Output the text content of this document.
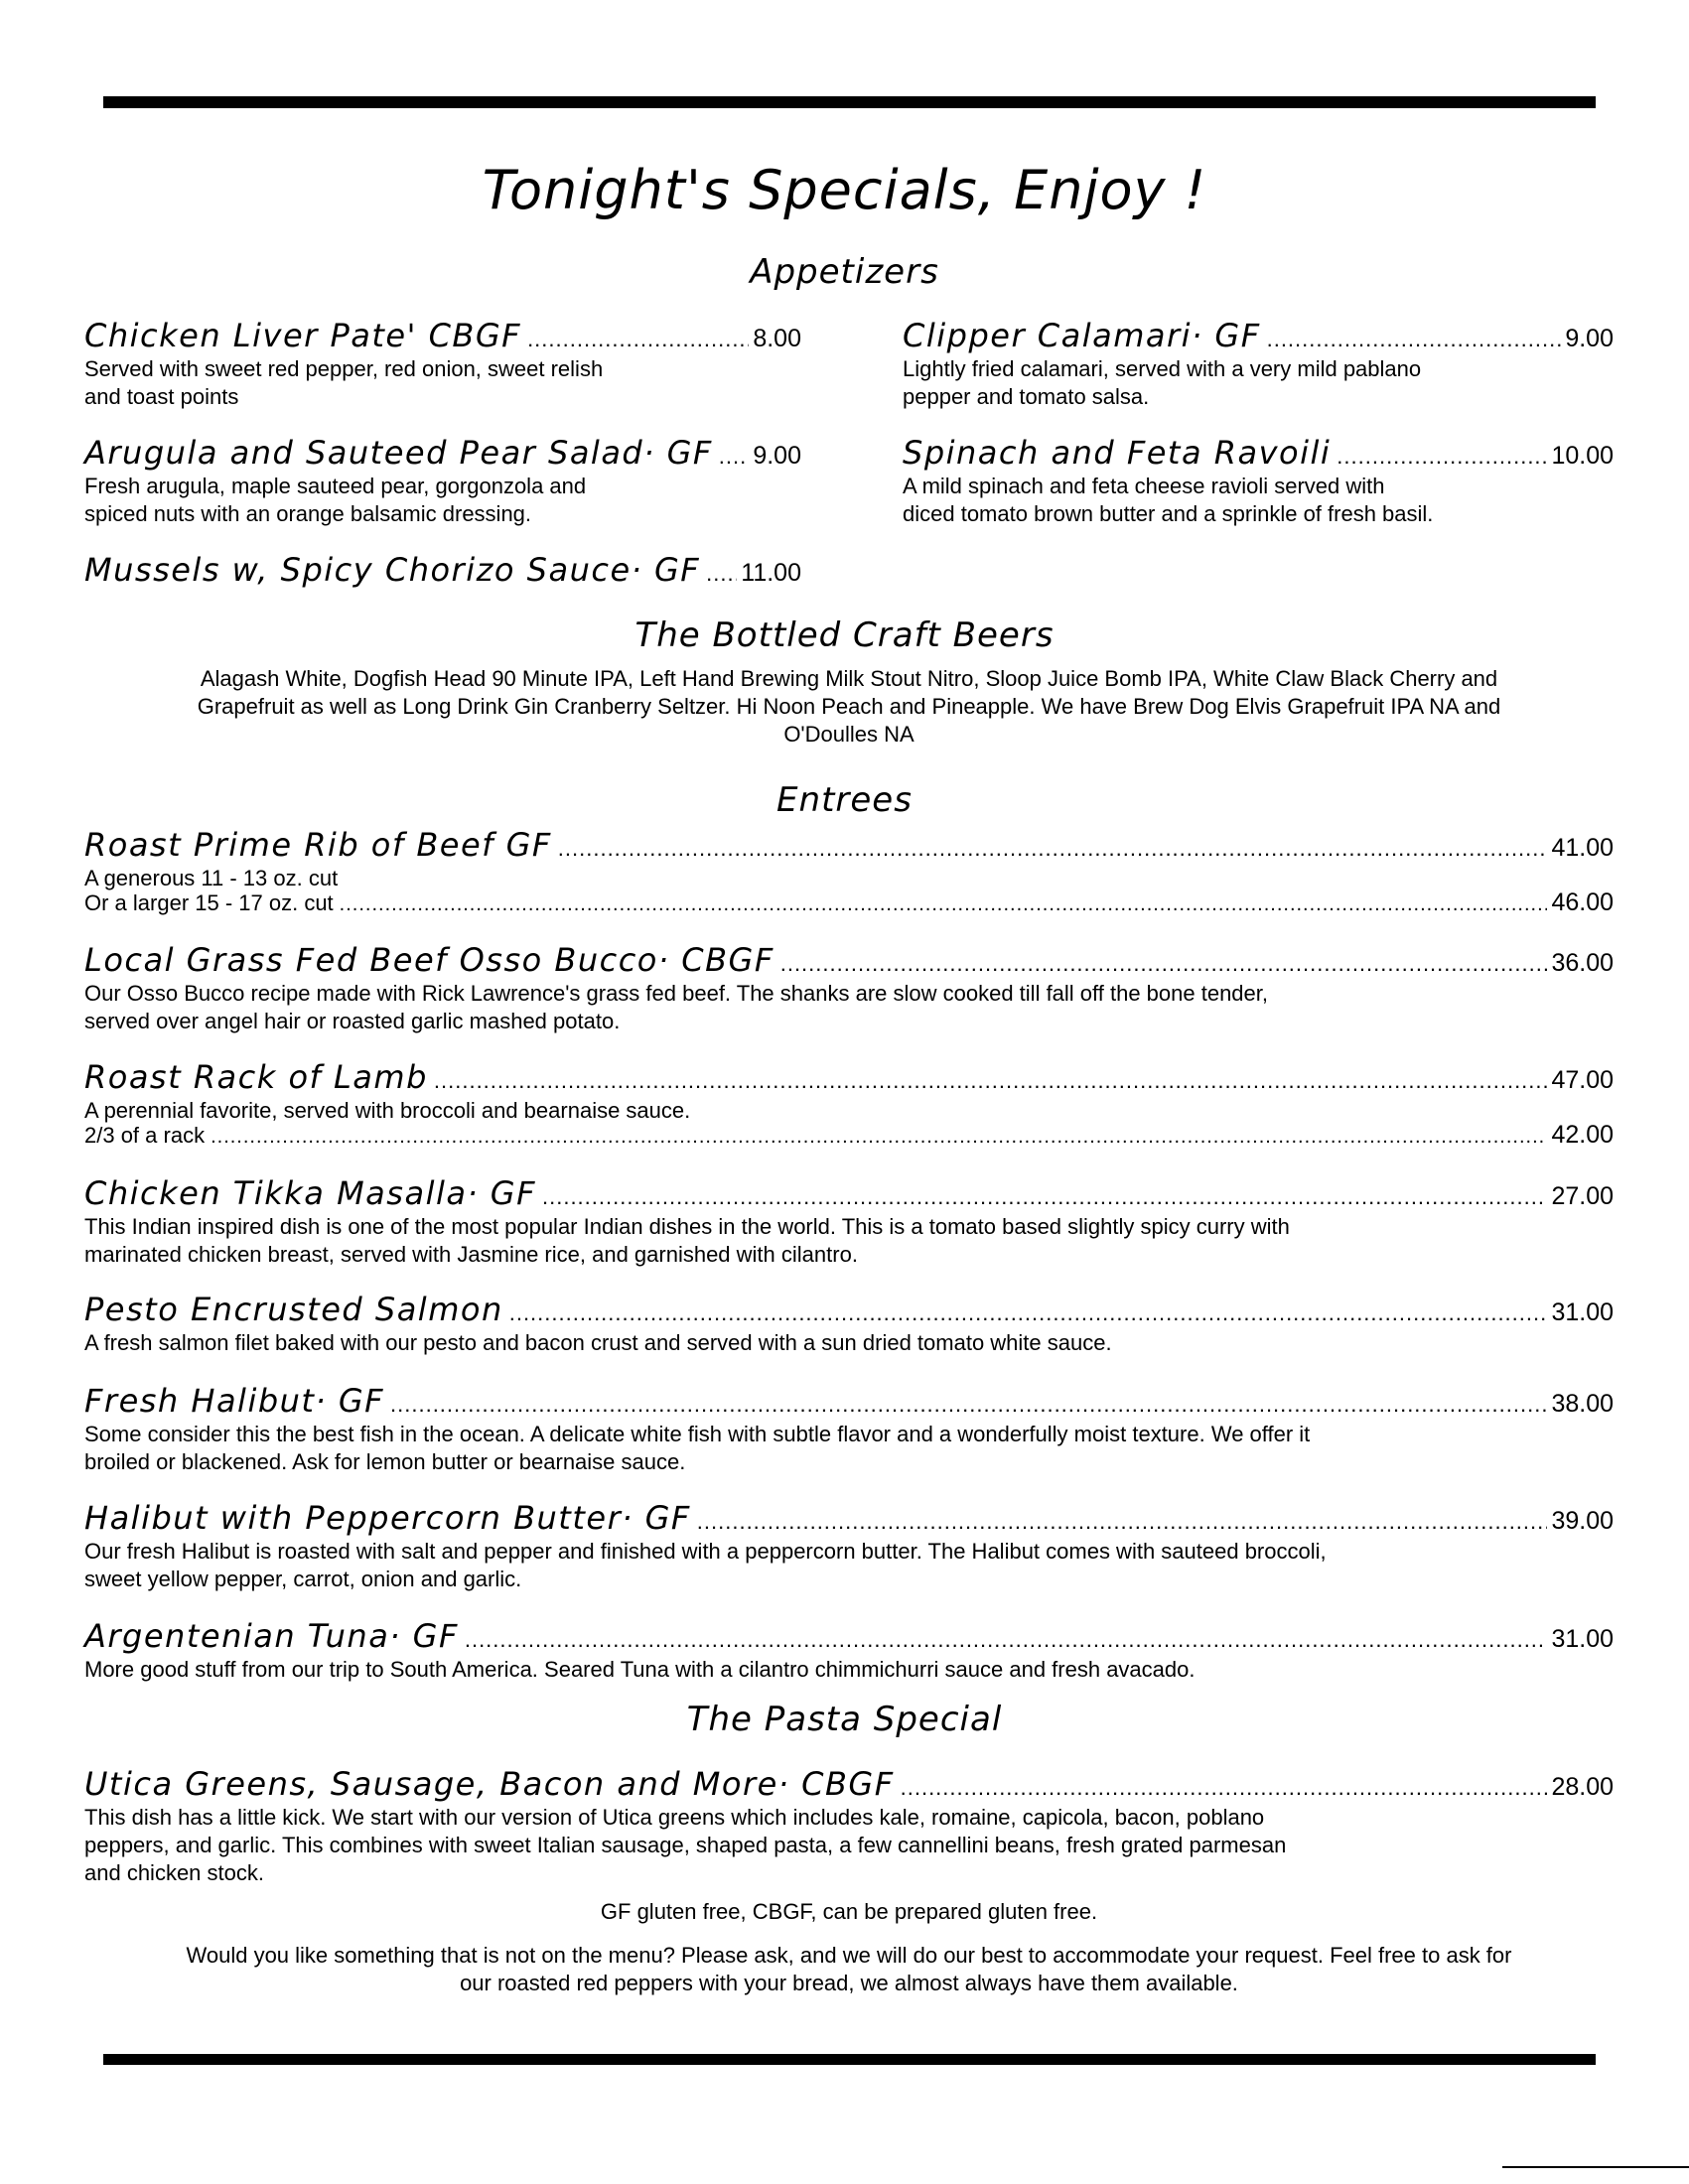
Tonight's Specials, Enjoy !
Appetizers
Chicken Liver Pate' CBGF .....	8.00
Served with sweet red pepper, red onion, sweet relish
and toast points
Arugula and Sauteed Pear Salad· GF ..... 9.00
Fresh arugula, maple sauteed pear, gorgonzola and
spiced nuts with an orange balsamic dressing.
Mussels w, Spicy Chorizo Sauce· GF ..... 11.00
Clipper Calamari· GF .....	9.00
Lightly fried calamari, served with a very mild pablano
pepper and tomato salsa.
Spinach and Feta Ravoili .....	10.00
A mild spinach and feta cheese ravioli served with
diced tomato brown butter and a sprinkle of fresh basil.
The Bottled Craft Beers
Alagash White, Dogfish Head 90 Minute IPA, Left Hand Brewing Milk Stout Nitro, Sloop Juice Bomb IPA, White Claw Black Cherry and
Grapefruit as well as Long Drink Gin Cranberry Seltzer. Hi Noon Peach and Pineapple. We have Brew Dog Elvis Grapefruit IPA NA and
O'Doulles NA
Entrees
Roast Prime Rib of Beef GF .....	41.00
A generous 11 - 13 oz. cut
Or a larger 15 - 17 oz. cut .....	46.00
Local Grass Fed Beef Osso Bucco· CBGF .....	36.00
Our Osso Bucco recipe made with Rick Lawrence's grass fed beef. The shanks are slow cooked till fall off the bone tender,
served over angel hair or roasted garlic mashed potato.
Roast Rack of Lamb .....	47.00
A perennial favorite, served with broccoli and bearnaise sauce.
2/3 of a rack .....	42.00
Chicken Tikka Masalla· GF .....	27.00
This Indian inspired dish is one of the most popular Indian dishes in the world. This is a tomato based slightly spicy curry with
marinated chicken breast, served with Jasmine rice, and garnished with cilantro.
Pesto Encrusted Salmon .....	31.00
A fresh salmon filet baked with our pesto and bacon crust and served with a sun dried tomato white sauce.
Fresh Halibut· GF .....	38.00
Some consider this the best fish in the ocean. A delicate white fish with subtle flavor and a wonderfully moist texture. We offer it
broiled or blackened. Ask for lemon butter or bearnaise sauce.
Halibut with Peppercorn Butter· GF .....	39.00
Our fresh Halibut is roasted with salt and pepper and finished with a peppercorn butter. The Halibut comes with sauteed broccoli,
sweet yellow pepper, carrot, onion and garlic.
Argentenian Tuna· GF .....	31.00
More good stuff from our trip to South America. Seared Tuna with a cilantro chimmichurri sauce and fresh avacado.
The Pasta Special
Utica Greens, Sausage, Bacon and More· CBGF .....	28.00
This dish has a little kick. We start with our version of Utica greens which includes kale, romaine, capicola, bacon, poblano
peppers, and garlic. This combines with sweet Italian sausage, shaped pasta, a few cannellini beans, fresh grated parmesan
and chicken stock.
GF gluten free, CBGF, can be prepared gluten free.
Would you like something that is not on the menu? Please ask, and we will do our best to accommodate your request. Feel free to ask for
our roasted red peppers with your bread, we almost always have them available.
